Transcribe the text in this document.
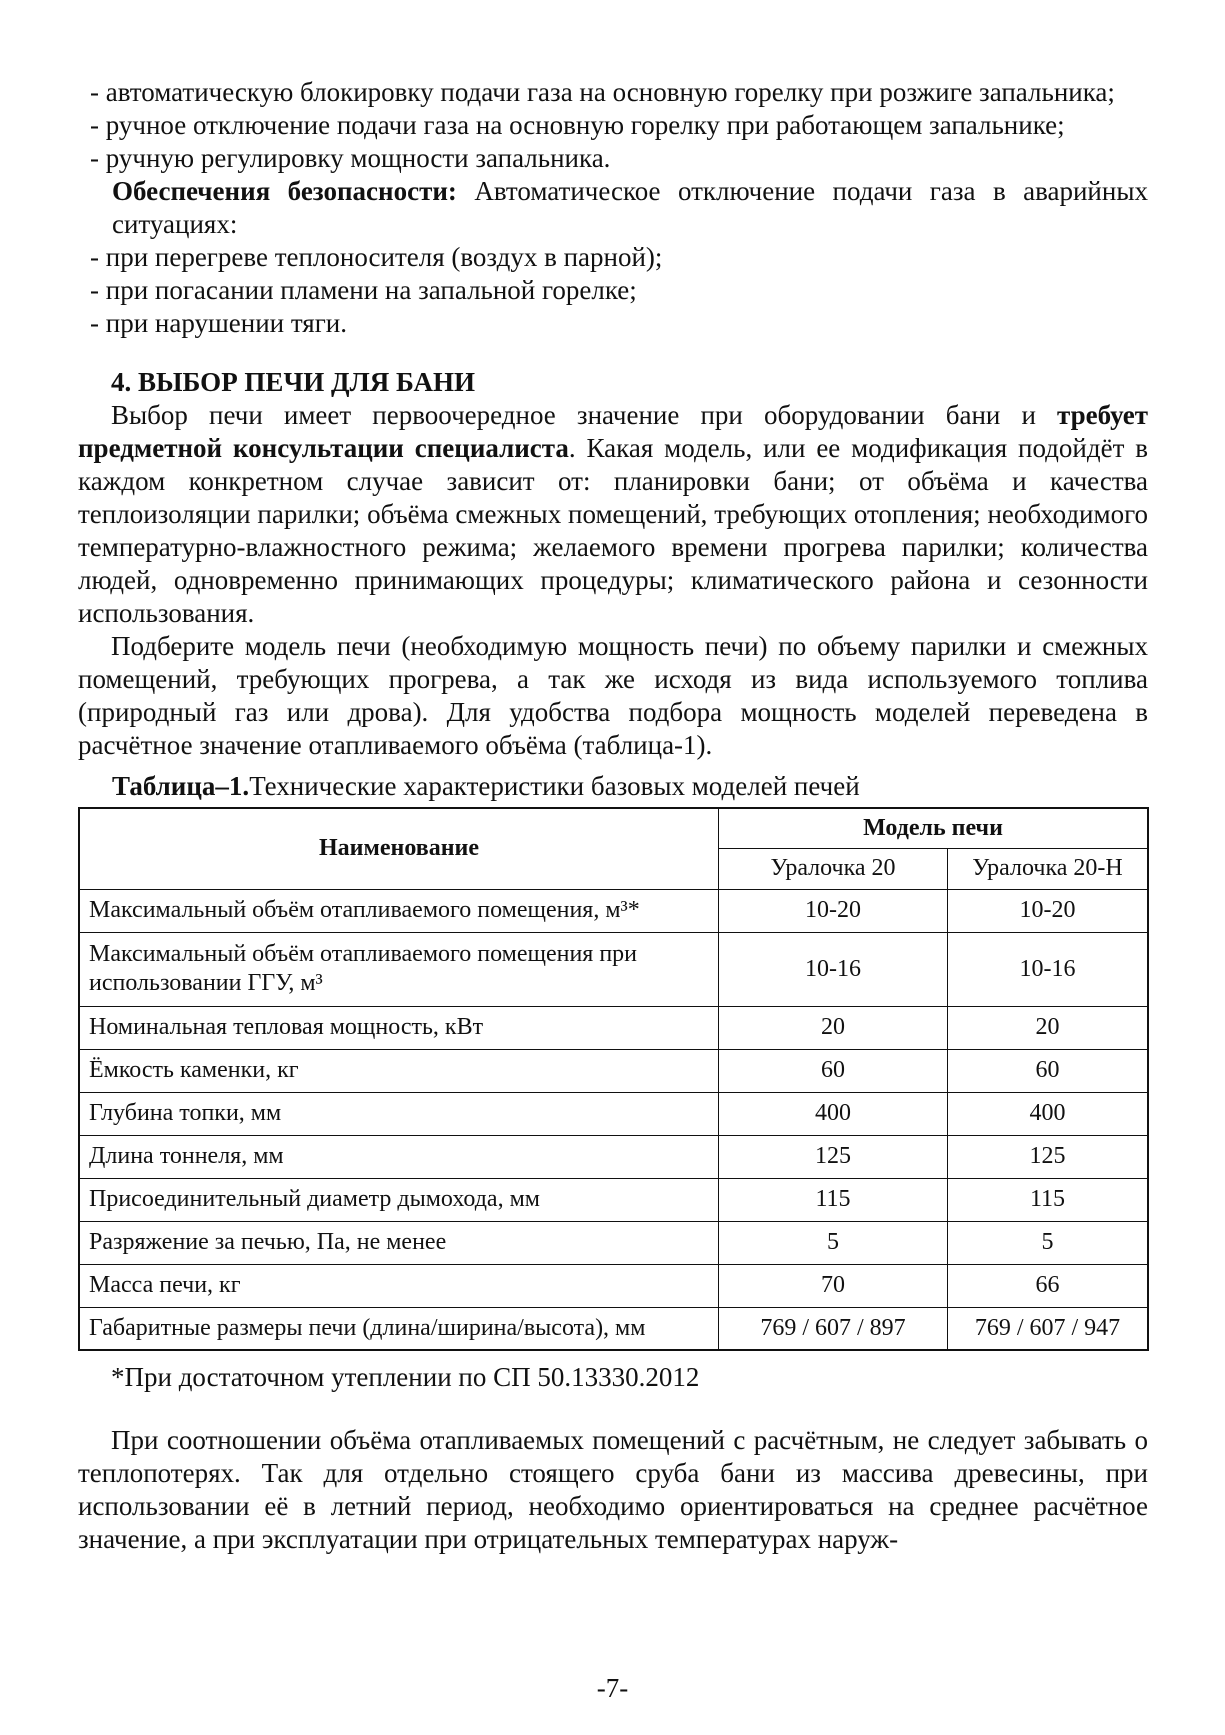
- автоматическую блокировку подачи газа на основную горелку при розжиге запальника;

- ручное отключение подачи газа на основную горелку при работающем запальнике;

- ручную регулировку мощности запальника.

Обеспечения безопасности: Автоматическое отключение подачи газа в аварийных ситуациях:

- при перегреве теплоносителя (воздух в парной);

- при погасании пламени на запальной горелке;

- при нарушении тяги.

4. ВЫБОР ПЕЧИ ДЛЯ БАНИ

Выбор печи имеет первоочередное значение при оборудовании бани и требует предметной консультации специалиста. Какая модель, или ее модификация подойдёт в каждом конкретном случае зависит от: планировки бани; от объёма и качества теплоизоляции парилки; объёма смежных помещений, требующих отопления; необходимого температурно-влажностного режима; желаемого времени прогрева парилки; количества людей, одновременно принимающих процедуры; климатического района и сезонности использования.

Подберите модель печи (необходимую мощность печи) по объему парилки и смежных помещений, требующих прогрева, а так же исходя из вида используемого топлива (природный газ или дрова). Для удобства подбора мощность моделей переведена в расчётное значение отапливаемого объёма (таблица-1).

Таблица–1.Технические характеристики базовых моделей печей
Наименование	Модель печи	
	Уралочка 20	Уралочка 20-Н
Максимальный объём отапливаемого помещения, м³*	10-20	10-20
Максимальный объём отапливаемого помещения при использовании ГГУ, м³	10-16	10-16
Номинальная тепловая мощность, кВт	20	20
Ёмкость каменки, кг	60	60
Глубина топки, мм	400	400
Длина тоннеля, мм	125	125
Присоединительный диаметр дымохода, мм	115	115
Разряжение за печью, Па, не менее	5	5
Масса печи, кг	70	66
Габаритные размеры печи (длина/ширина/высота), мм	769 / 607 / 897	769 / 607 / 947

*При достаточном утеплении по СП 50.13330.2012

При соотношении объёма отапливаемых помещений с расчётным, не следует забывать о теплопотерях. Так для отдельно стоящего сруба бани из массива древесины, при использовании её в летний период, необходимо ориентироваться на среднее расчётное значение, а при эксплуатации при отрицательных температурах наруж-

-7-
